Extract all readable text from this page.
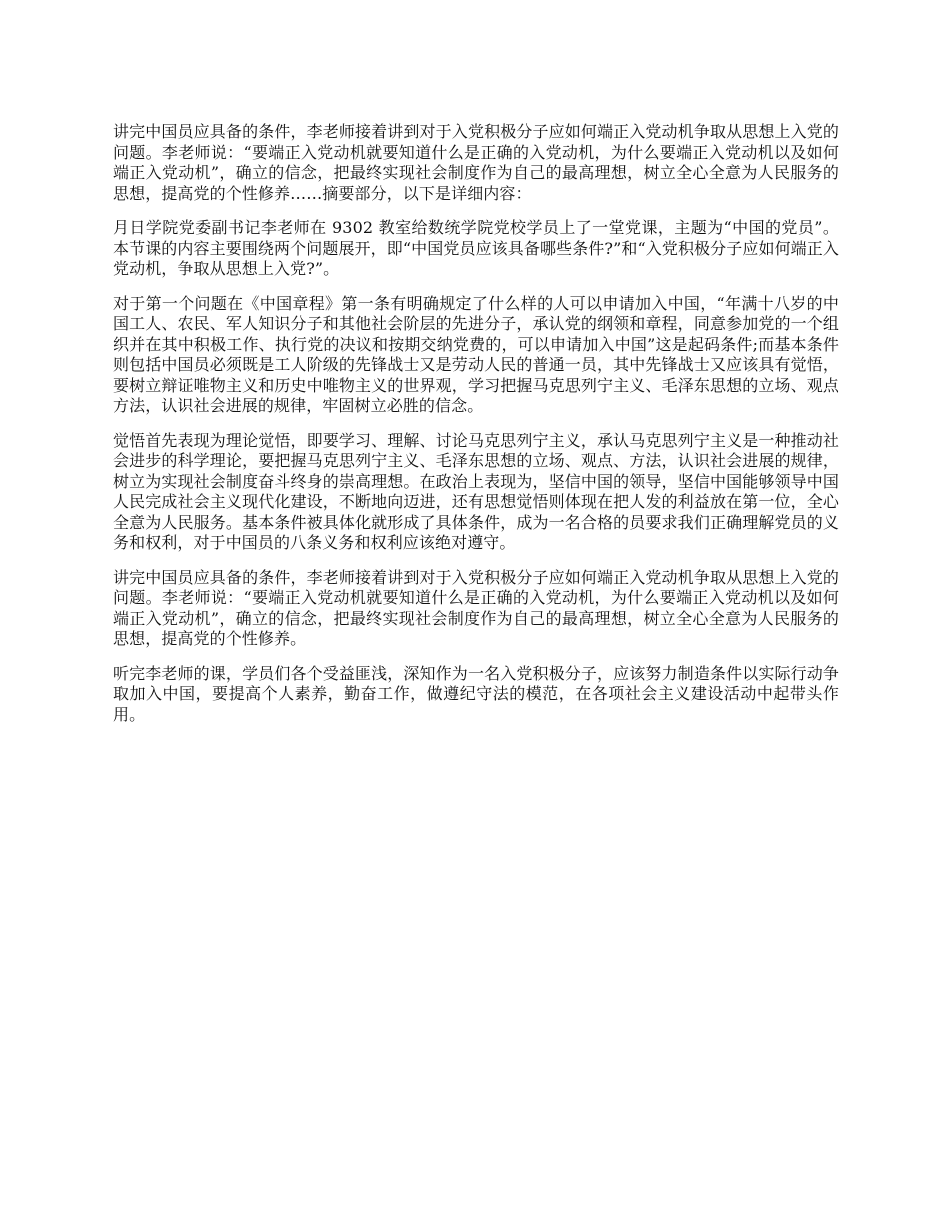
讲完中国员应具备的条件，李老师接着讲到对于入党积极分子应如何端正入党动机争取从思想上入党的问题。李老师说：“要端正入党动机就要知道什么是正确的入党动机，为什么要端正入党动机以及如何端正入党动机”，确立的信念，把最终实现社会制度作为自己的最高理想，树立全心全意为人民服务的思想，提高党的个性修养……摘要部分，以下是详细内容：

月日学院党委副书记李老师在 9302 教室给数统学院党校学员上了一堂党课，主题为“中国的党员”。本节课的内容主要围绕两个问题展开，即“中国党员应该具备哪些条件?”和“入党积极分子应如何端正入党动机，争取从思想上入党?”。

对于第一个问题在《中国章程》第一条有明确规定了什么样的人可以申请加入中国，“年满十八岁的中国工人、农民、军人知识分子和其他社会阶层的先进分子，承认党的纲领和章程，同意参加党的一个组织并在其中积极工作、执行党的决议和按期交纳党费的，可以申请加入中国”这是起码条件;而基本条件则包括中国员必须既是工人阶级的先锋战士又是劳动人民的普通一员，其中先锋战士又应该具有觉悟，要树立辩证唯物主义和历史中唯物主义的世界观，学习把握马克思列宁主义、毛泽东思想的立场、观点方法，认识社会进展的规律，牢固树立必胜的信念。

觉悟首先表现为理论觉悟，即要学习、理解、讨论马克思列宁主义，承认马克思列宁主义是一种推动社会进步的科学理论，要把握马克思列宁主义、毛泽东思想的立场、观点、方法，认识社会进展的规律，树立为实现社会制度奋斗终身的崇高理想。在政治上表现为，坚信中国的领导，坚信中国能够领导中国人民完成社会主义现代化建设，不断地向迈进，还有思想觉悟则体现在把人发的利益放在第一位，全心全意为人民服务。基本条件被具体化就形成了具体条件，成为一名合格的员要求我们正确理解党员的义务和权利，对于中国员的八条义务和权利应该绝对遵守。

讲完中国员应具备的条件，李老师接着讲到对于入党积极分子应如何端正入党动机争取从思想上入党的问题。李老师说：“要端正入党动机就要知道什么是正确的入党动机，为什么要端正入党动机以及如何端正入党动机”，确立的信念，把最终实现社会制度作为自己的最高理想，树立全心全意为人民服务的思想，提高党的个性修养。

听完李老师的课，学员们各个受益匪浅，深知作为一名入党积极分子，应该努力制造条件以实际行动争取加入中国，要提高个人素养，勤奋工作，做遵纪守法的模范，在各项社会主义建设活动中起带头作用。
